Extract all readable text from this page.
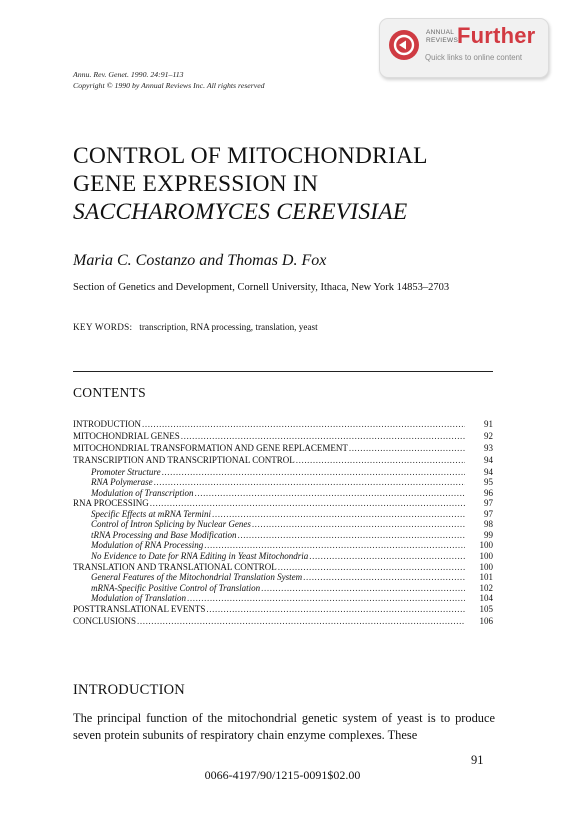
ANNUAL
REVIEWS
Further
Quick links to online content
Annu. Rev. Genet. 1990. 24:91–113
Copyright © 1990 by Annual Reviews Inc. All rights reserved
CONTROL OF MITOCHONDRIAL
GENE EXPRESSION IN
SACCHAROMYCES CEREVISIAE
Maria C. Costanzo and Thomas D. Fox
Section of Genetics and Development, Cornell University, Ithaca, New York 14853–2703
KEY WORDS: transcription, RNA processing, translation, yeast
CONTENTS
INTRODUCTION .....	91
MITOCHONDRIAL GENES .....	92
MITOCHONDRIAL TRANSFORMATION AND GENE REPLACEMENT .....	93
TRANSCRIPTION AND TRANSCRIPTIONAL CONTROL .....	94
Promoter Structure .....	94
RNA Polymerase .....	95
Modulation of Transcription .....	96
RNA PROCESSING .....	97
Specific Effects at mRNA Termini .....	97
Control of Intron Splicing by Nuclear Genes .....	98
tRNA Processing and Base Modification .....	99
Modulation of RNA Processing .....	100
No Evidence to Date for RNA Editing in Yeast Mitochondria .....	100
TRANSLATION AND TRANSLATIONAL CONTROL .....	100
General Features of the Mitochondrial Translation System .....	101
mRNA-Specific Positive Control of Translation .....	102
Modulation of Translation .....	104
POSTTRANSLATIONAL EVENTS .....	105
CONCLUSIONS .....	106
INTRODUCTION
The principal function of the mitochondrial genetic system of yeast is to produce seven protein subunits of respiratory chain enzyme complexes. These
91
0066-4197/90/1215-0091$02.00
